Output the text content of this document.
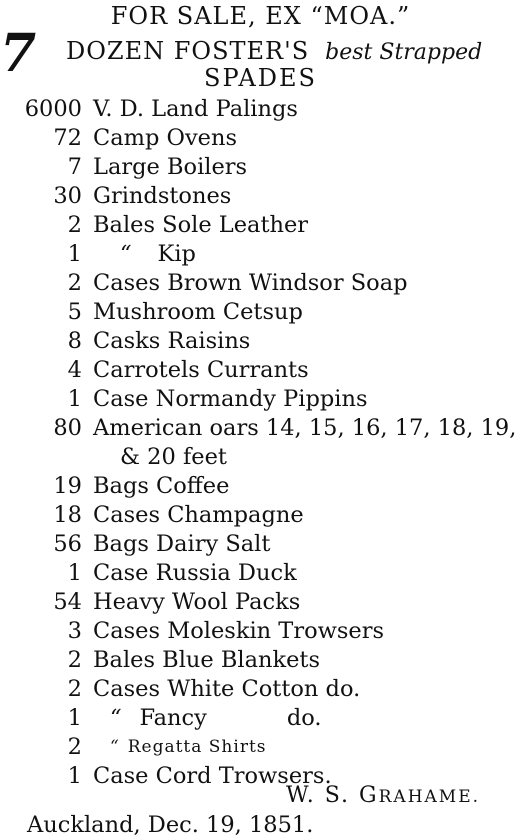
FOR SALE, EX “MOA.”
7 DOZEN FOSTER'S best Strapped
SPADES
6000 V. D. Land Palings
72 Camp Ovens
7 Large Boilers
30 Grindstones
2 Bales Sole Leather
1 “ Kip
2 Cases Brown Windsor Soap
5 Mushroom Cetsup
8 Casks Raisins
4 Carrotels Currants
1 Case Normandy Pippins
80 American oars 14, 15, 16, 17, 18, 19,
& 20 feet
19 Bags Coffee
18 Cases Champagne
56 Bags Dairy Salt
1 Case Russia Duck
54 Heavy Wool Packs
3 Cases Moleskin Trowsers
2 Bales Blue Blankets
2 Cases White Cotton do.
1 “ Fancy	do.
2 “ Regatta Shirts
1 Case Cord Trowsers.
W. S. GRAHAME.
Auckland, Dec. 19, 1851.
